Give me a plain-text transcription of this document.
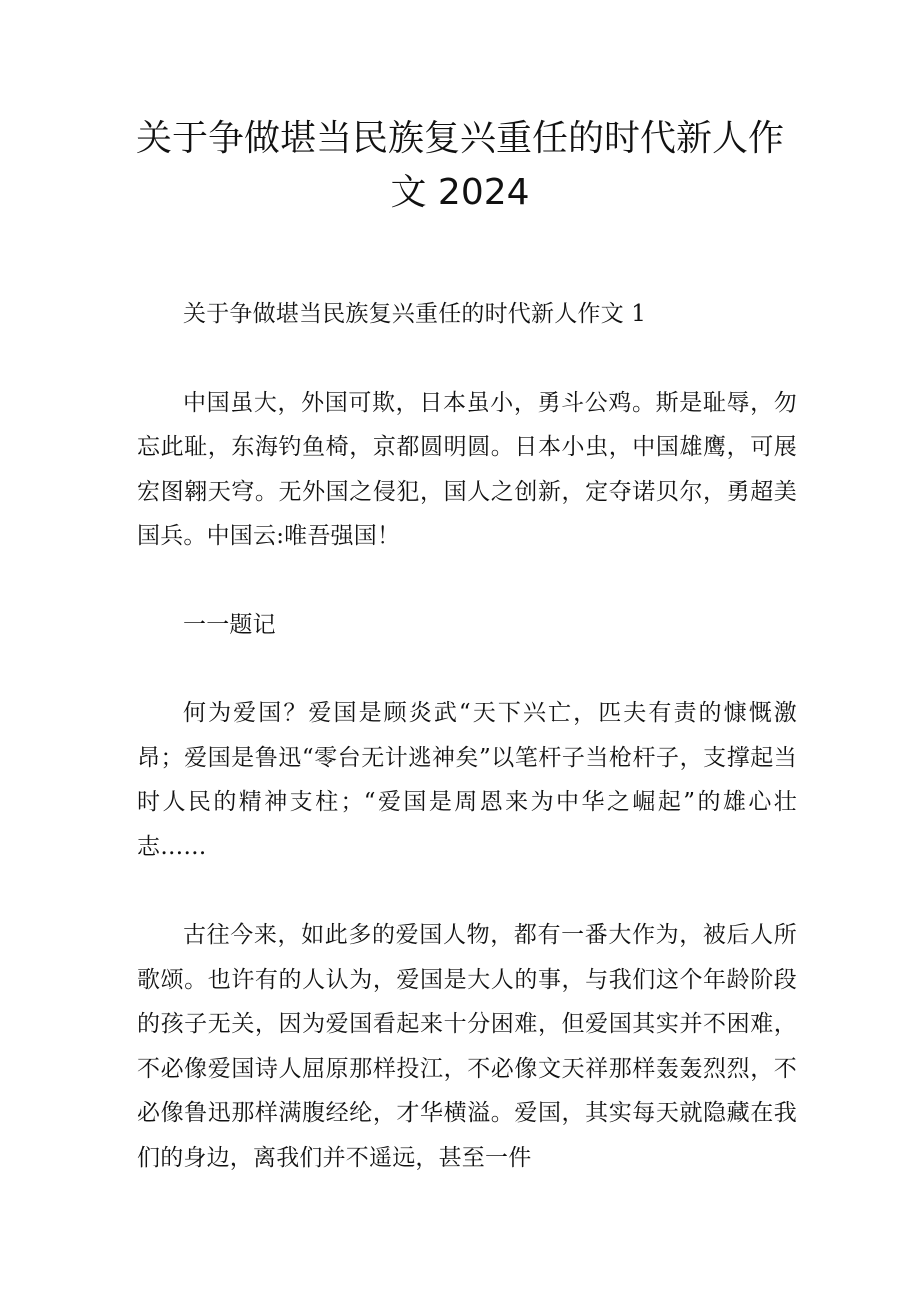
关于争做堪当民族复兴重任的时代新人作
文 2024

关于争做堪当民族复兴重任的时代新人作文 1

中国虽大，外国可欺，日本虽小，勇斗公鸡。斯是耻辱，勿忘此耻，东海钓鱼椅，京都圆明圆。日本小虫，中国雄鹰，可展宏图翱天穹。无外国之侵犯，国人之创新，定夺诺贝尔，勇超美国兵。中国云:唯吾强国！

一一题记

何为爱国？爱国是顾炎武“天下兴亡，匹夫有责的慷慨激昂；爱国是鲁迅“零台无计逃神矣”以笔杆子当枪杆子，支撑起当时人民的精神支柱；“爱国是周恩来为中华之崛起”的雄心壮志……

古往今来，如此多的爱国人物，都有一番大作为，被后人所歌颂。也许有的人认为，爱国是大人的事，与我们这个年龄阶段的孩子无关，因为爱国看起来十分困难，但爱国其实并不困难，不必像爱国诗人屈原那样投江，不必像文天祥那样轰轰烈烈，不必像鲁迅那样满腹经纶，才华横溢。爱国，其实每天就隐藏在我们的身边，离我们并不遥远，甚至一件
